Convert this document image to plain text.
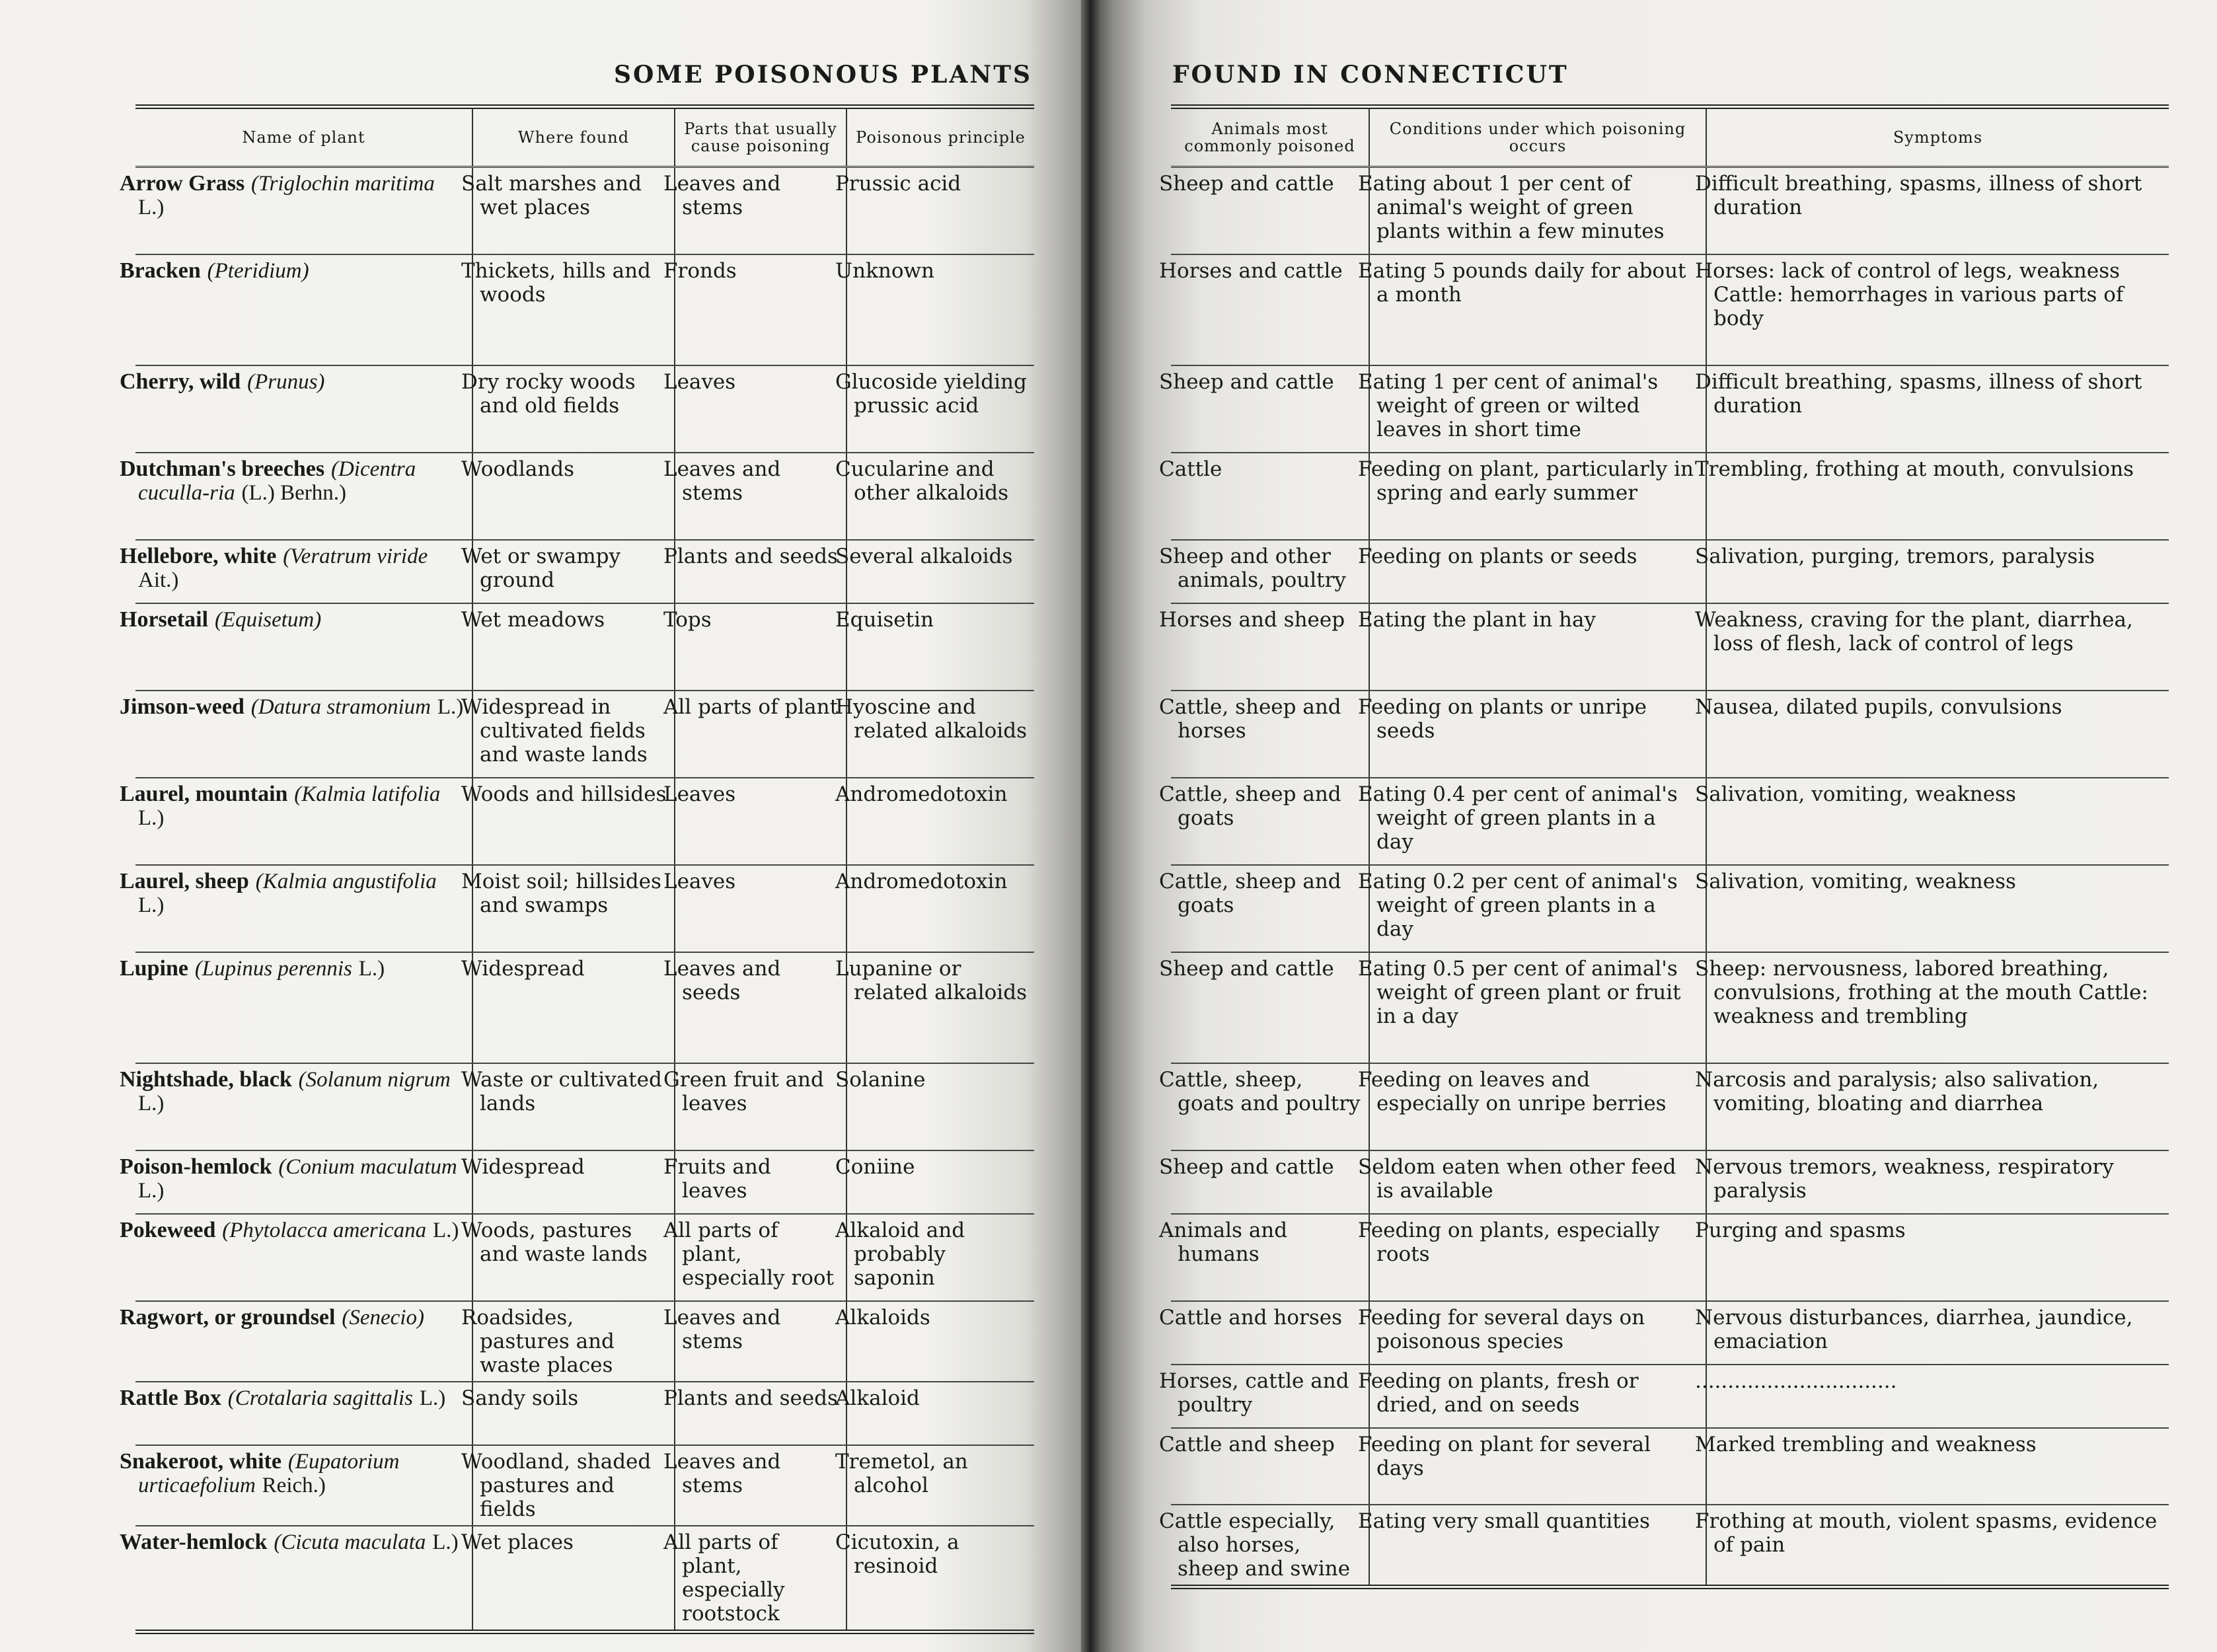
SOME POISONOUS PLANTS
Name of plant	Where found	Parts that usually cause poisoning	Poisonous principle
Arrow Grass (Triglochin maritima L.)	Salt marshes and wet places	Leaves and stems	Prussic acid
Bracken (Pteridium)	Thickets, hills and woods	Fronds	Unknown
Cherry, wild (Prunus)	Dry rocky woods and old fields	Leaves	Glucoside yielding prussic acid
Dutchman's breeches (Dicentra cuculla-ria (L.) Berhn.)	Woodlands	Leaves and stems	Cucularine and other alkaloids
Hellebore, white (Veratrum viride Ait.)	Wet or swampy ground	Plants and seeds	Several alkaloids
Horsetail (Equisetum)	Wet meadows	Tops	Equisetin
Jimson-weed (Datura stramonium L.)	Widespread in cultivated fields and waste lands	All parts of plant	Hyoscine and related alkaloids
Laurel, mountain (Kalmia latifolia L.)	Woods and hillsides	Leaves	Andromedotoxin
Laurel, sheep (Kalmia angustifolia L.)	Moist soil; hillsides and swamps	Leaves	Andromedotoxin
Lupine (Lupinus perennis L.)	Widespread	Leaves and seeds	Lupanine or related alkaloids
Nightshade, black (Solanum nigrum L.)	Waste or cultivated lands	Green fruit and leaves	Solanine
Poison-hemlock (Conium maculatum L.)	Widespread	Fruits and leaves	Coniine
Pokeweed (Phytolacca americana L.)	Woods, pastures and waste lands	All parts of plant, especially root	Alkaloid and probably saponin
Ragwort, or groundsel (Senecio)	Roadsides, pastures and waste places	Leaves and stems	Alkaloids
Rattle Box (Crotalaria sagittalis L.)	Sandy soils	Plants and seeds	Alkaloid
Snakeroot, white (Eupatorium urticaefolium Reich.)	Woodland, shaded pastures and fields	Leaves and stems	Tremetol, an alcohol
Water-hemlock (Cicuta maculata L.)	Wet places	All parts of plant, especially rootstock	Cicutoxin, a resinoid
FOUND IN CONNECTICUT
Animals most commonly poisoned	Conditions under which poisoning occurs	Symptoms
Sheep and cattle	Eating about 1 per cent of animal's weight of green plants within a few minutes	Difficult breathing, spasms, illness of short duration
Horses and cattle	Eating 5 pounds daily for about a month	Horses: lack of control of legs, weakness Cattle: hemorrhages in various parts of body
Sheep and cattle	Eating 1 per cent of animal's weight of green or wilted leaves in short time	Difficult breathing, spasms, illness of short duration
Cattle	Feeding on plant, particularly in spring and early summer	Trembling, frothing at mouth, convulsions
Sheep and other animals, poultry	Feeding on plants or seeds	Salivation, purging, tremors, paralysis
Horses and sheep	Eating the plant in hay	Weakness, craving for the plant, diarrhea, loss of flesh, lack of control of legs
Cattle, sheep and horses	Feeding on plants or unripe seeds	Nausea, dilated pupils, convulsions
Cattle, sheep and goats	Eating 0.4 per cent of animal's weight of green plants in a day	Salivation, vomiting, weakness
Cattle, sheep and goats	Eating 0.2 per cent of animal's weight of green plants in a day	Salivation, vomiting, weakness
Sheep and cattle	Eating 0.5 per cent of animal's weight of green plant or fruit in a day	Sheep: nervousness, labored breathing, convulsions, frothing at the mouth Cattle: weakness and trembling
Cattle, sheep, goats and poultry	Feeding on leaves and especially on unripe berries	Narcosis and paralysis; also salivation, vomiting, bloating and diarrhea
Sheep and cattle	Seldom eaten when other feed is available	Nervous tremors, weakness, respiratory paralysis
Animals and humans	Feeding on plants, especially roots	Purging and spasms
Cattle and horses	Feeding for several days on poisonous species	Nervous disturbances, diarrhea, jaundice, emaciation
Horses, cattle and poultry	Feeding on plants, fresh or dried, and on seeds	...............................
Cattle and sheep	Feeding on plant for several days	Marked trembling and weakness
Cattle especially, also horses, sheep and swine	Eating very small quantities	Frothing at mouth, violent spasms, evidence of pain
